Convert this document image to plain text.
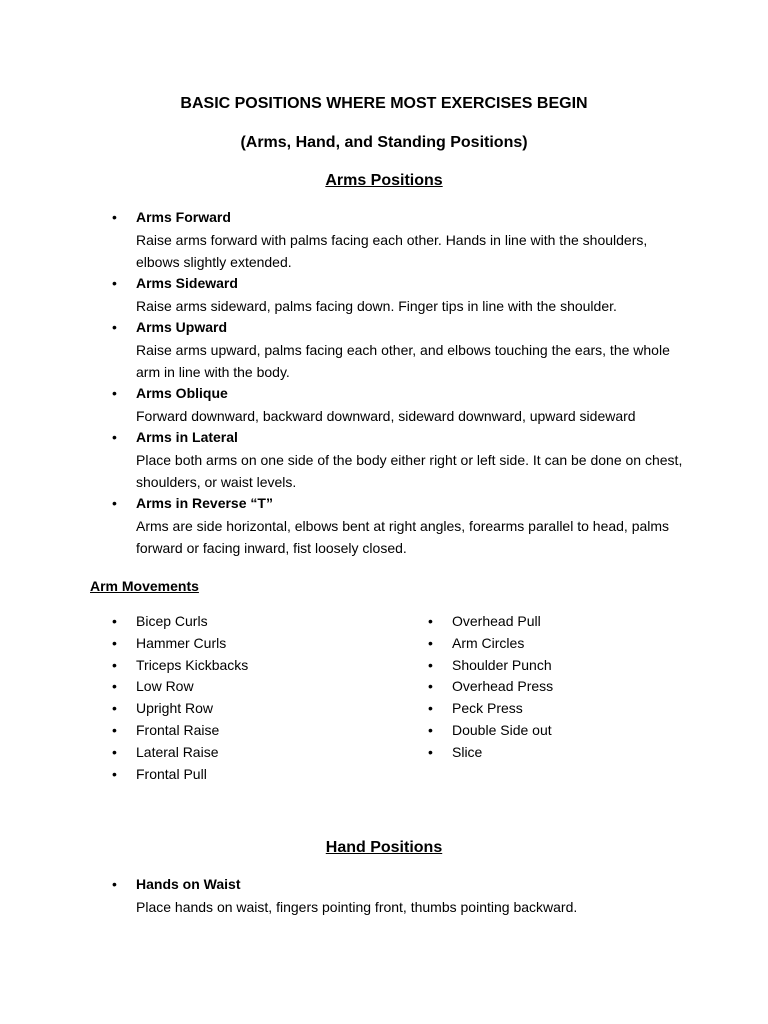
BASIC POSITIONS WHERE MOST EXERCISES BEGIN

(Arms, Hand, and Standing Positions)

Arms Positions

• Arms Forward

Raise arms forward with palms facing each other. Hands in line with the shoulders, elbows slightly extended.

• Arms Sideward

Raise arms sideward, palms facing down. Finger tips in line with the shoulder.

• Arms Upward

Raise arms upward, palms facing each other, and elbows touching the ears, the whole arm in line with the body.

• Arms Oblique

Forward downward, backward downward, sideward downward, upward sideward

• Arms in Lateral

Place both arms on one side of the body either right or left side. It can be done on chest, shoulders, or waist levels.

• Arms in Reverse “T”

Arms are side horizontal, elbows bent at right angles, forearms parallel to head, palms forward or facing inward, fist loosely closed.

Arm Movements

• Bicep Curls
• Hammer Curls
• Triceps Kickbacks
• Low Row
• Upright Row
• Frontal Raise
• Lateral Raise
• Frontal Pull
• Overhead Pull
• Arm Circles
• Shoulder Punch
• Overhead Press
• Peck Press
• Double Side out
• Slice

Hand Positions

• Hands on Waist

Place hands on waist, fingers pointing front, thumbs pointing backward.
